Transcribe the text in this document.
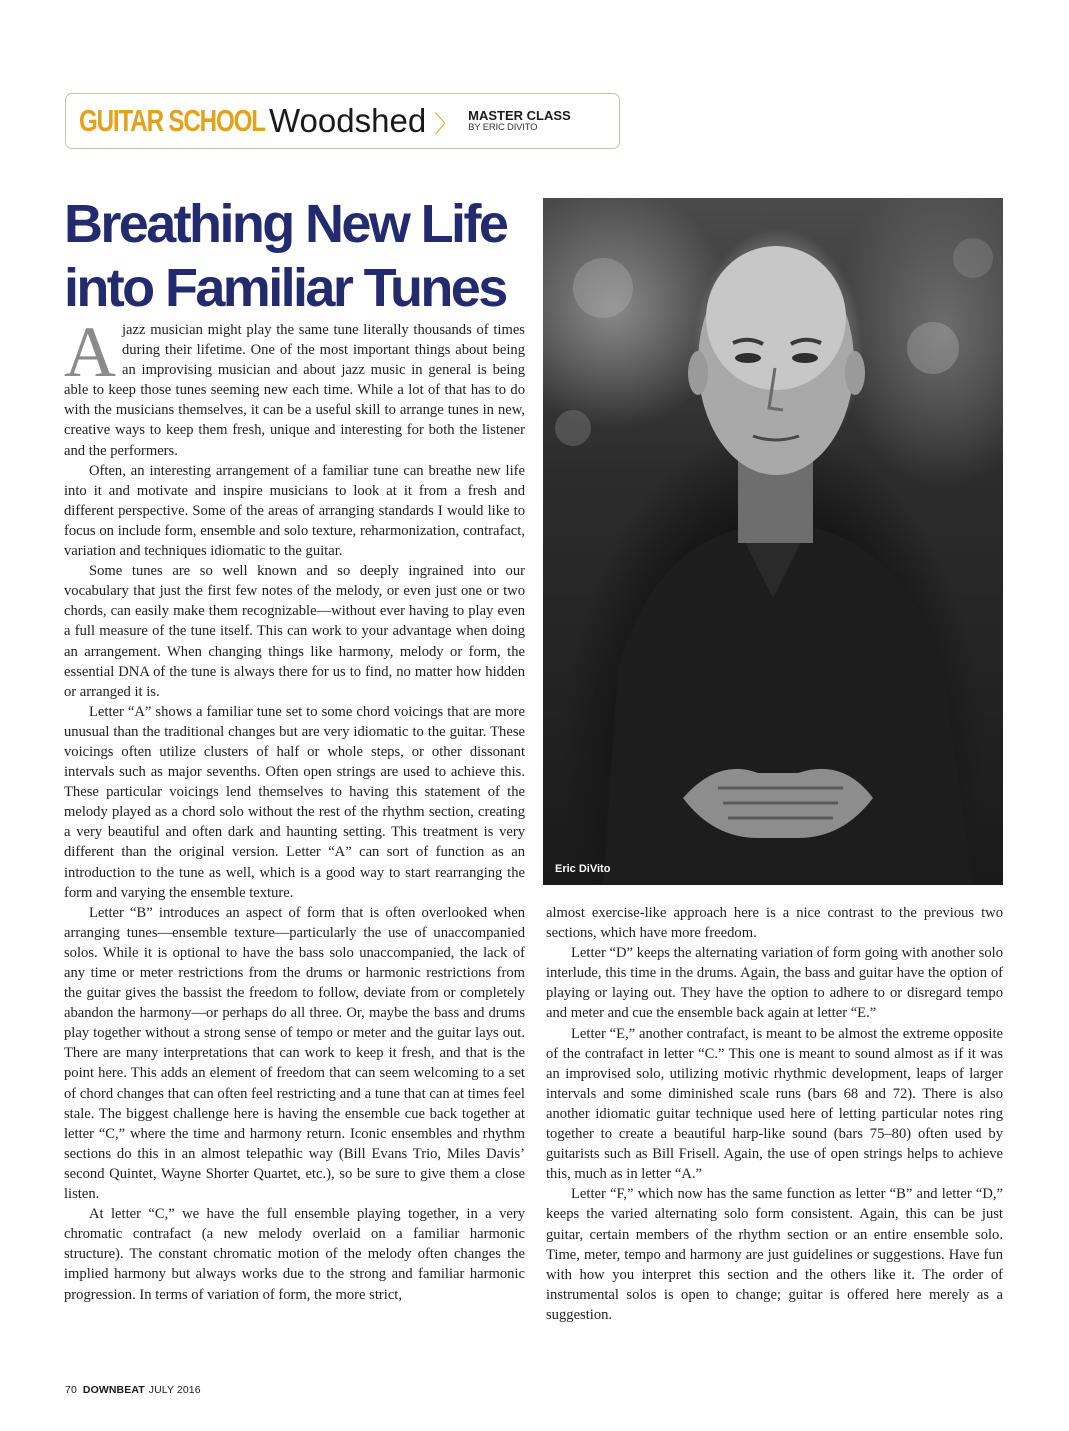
GUITAR SCHOOL Woodshed 〉 MASTER CLASS
BY ERIC DIVITO
Breathing New Life into Familiar Tunes
Eric DiVito

Ajazz musician might play the same tune literally thousands of times during their lifetime. One of the most important things about being an improvising musician and about jazz music in general is being able to keep those tunes seeming new each time. While a lot of that has to do with the musicians themselves, it can be a useful skill to arrange tunes in new, creative ways to keep them fresh, unique and interesting for both the listener and the performers.

Often, an interesting arrangement of a familiar tune can breathe new life into it and motivate and inspire musicians to look at it from a fresh and different perspective. Some of the areas of arranging standards I would like to focus on include form, ensemble and solo texture, reharmonization, contrafact, variation and techniques idiomatic to the guitar.

Some tunes are so well known and so deeply ingrained into our vocabulary that just the first few notes of the melody, or even just one or two chords, can easily make them recognizable—without ever having to play even a full measure of the tune itself. This can work to your advantage when doing an arrangement. When changing things like harmony, melody or form, the essential DNA of the tune is always there for us to find, no matter how hidden or arranged it is.

Letter “A” shows a familiar tune set to some chord voicings that are more unusual than the traditional changes but are very idiomatic to the guitar. These voicings often utilize clusters of half or whole steps, or other dissonant intervals such as major sevenths. Often open strings are used to achieve this. These particular voicings lend themselves to having this statement of the melody played as a chord solo without the rest of the rhythm section, creating a very beautiful and often dark and haunting setting. This treatment is very different than the original version. Letter “A” can sort of function as an introduction to the tune as well, which is a good way to start rearranging the form and varying the ensemble texture.

Letter “B” introduces an aspect of form that is often overlooked when arranging tunes—ensemble texture—particularly the use of unaccompanied solos. While it is optional to have the bass solo unaccompanied, the lack of any time or meter restrictions from the drums or harmonic restrictions from the guitar gives the bassist the freedom to follow, deviate from or completely abandon the harmony—or perhaps do all three. Or, maybe the bass and drums play together without a strong sense of tempo or meter and the guitar lays out. There are many interpretations that can work to keep it fresh, and that is the point here. This adds an element of freedom that can seem welcoming to a set of chord changes that can often feel restricting and a tune that can at times feel stale. The biggest challenge here is having the ensemble cue back together at letter “C,” where the time and harmony return. Iconic ensembles and rhythm sections do this in an almost telepathic way (Bill Evans Trio, Miles Davis’ second Quintet, Wayne Shorter Quartet, etc.), so be sure to give them a close listen.

At letter “C,” we have the full ensemble playing together, in a very chromatic contrafact (a new melody overlaid on a familiar harmonic structure). The constant chromatic motion of the melody often changes the implied harmony but always works due to the strong and familiar harmonic progression. In terms of variation of form, the more strict,

almost exercise-like approach here is a nice contrast to the previous two sections, which have more freedom.

Letter “D” keeps the alternating variation of form going with another solo interlude, this time in the drums. Again, the bass and guitar have the option of playing or laying out. They have the option to adhere to or disregard tempo and meter and cue the ensemble back again at letter “E.”

Letter “E,” another contrafact, is meant to be almost the extreme opposite of the contrafact in letter “C.” This one is meant to sound almost as if it was an improvised solo, utilizing motivic rhythmic development, leaps of larger intervals and some diminished scale runs (bars 68 and 72). There is also another idiomatic guitar technique used here of letting particular notes ring together to create a beautiful harp-like sound (bars 75–80) often used by guitarists such as Bill Frisell. Again, the use of open strings helps to achieve this, much as in letter “A.”

Letter “F,” which now has the same function as letter “B” and letter “D,” keeps the varied alternating solo form consistent. Again, this can be just guitar, certain members of the rhythm section or an entire ensemble solo. Time, meter, tempo and harmony are just guidelines or suggestions. Have fun with how you interpret this section and the others like it. The order of instrumental solos is open to change; guitar is offered here merely as a suggestion.

70 DOWNBEAT JULY 2016
